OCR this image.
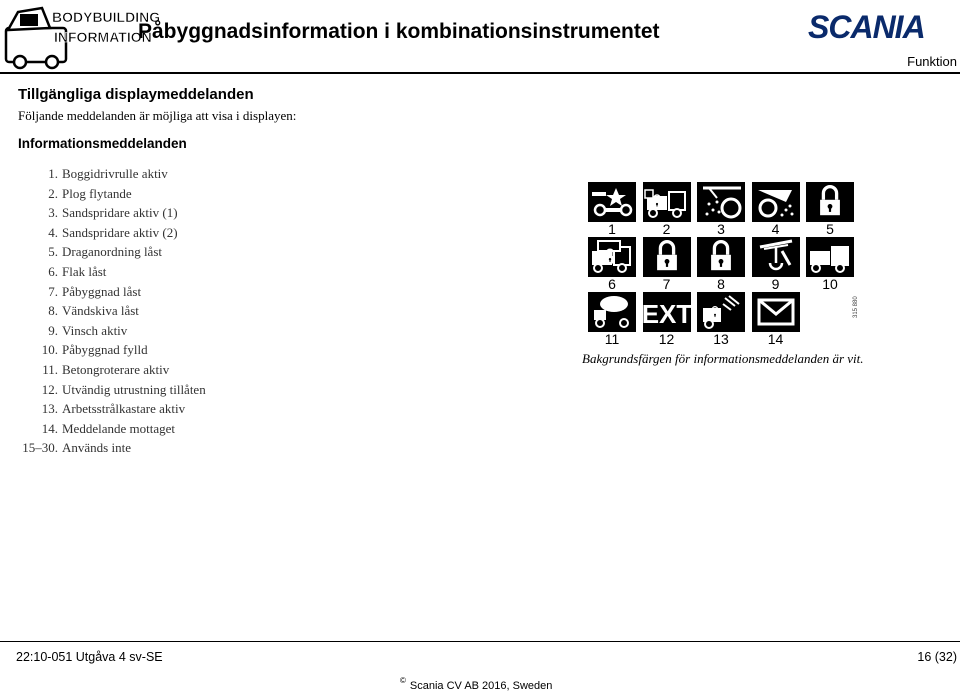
BODYBUILDING
INFORMATION
Påbyggnadsinformation i kombinationsinstrumentet	SCANIA
Funktion
Tillgängliga displaymeddelanden
Följande meddelanden är möjliga att visa i displayen:
Informationsmeddelanden
1. Boggidrivrulle aktiv
2. Plog flytande
3. Sandspridare aktiv (1)
4. Sandspridare aktiv (2)
5. Draganordning låst
6. Flak låst
7. Påbyggnad låst
8. Vändskiva låst
9. Vinsch aktiv
10. Påbyggnad fylld
11. Betongroterare aktiv
12. Utvändig utrustning tillåten
13. Arbetsstrålkastare aktiv
14. Meddelande mottaget
15–30. Används inte
1	2	3	4	5
6	7	8	9	10
11
EXT
12	13	14
Bakgrundsfärgen för informationsmeddelanden är vit.
315 880
22:10-051 Utgåva 4 sv-SE	16 (32)
© Scania CV AB 2016, Sweden
